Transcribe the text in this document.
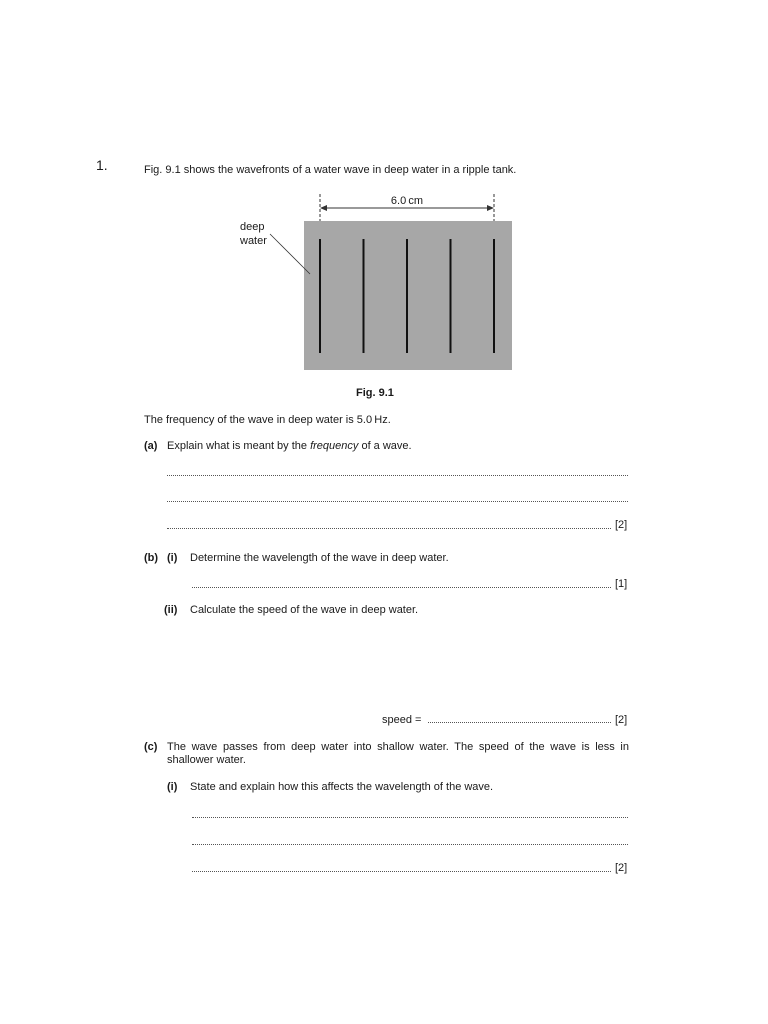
1.	Fig. 9.1 shows the wavefronts of a water wave in deep water in a ripple tank.
6.0 cm
deep
water
Fig. 9.1
The frequency of the wave in deep water is 5.0 Hz.
(a) Explain what is meant by the frequency of a wave.
[2]
(b) (i) Determine the wavelength of the wave in deep water.
[1]
(ii) Calculate the speed of the wave in deep water.
speed =	[2]
(c) The wave passes from deep water into shallow water. The speed of the wave is less in shallower water.
(i) State and explain how this affects the wavelength of the wave.
[2]
